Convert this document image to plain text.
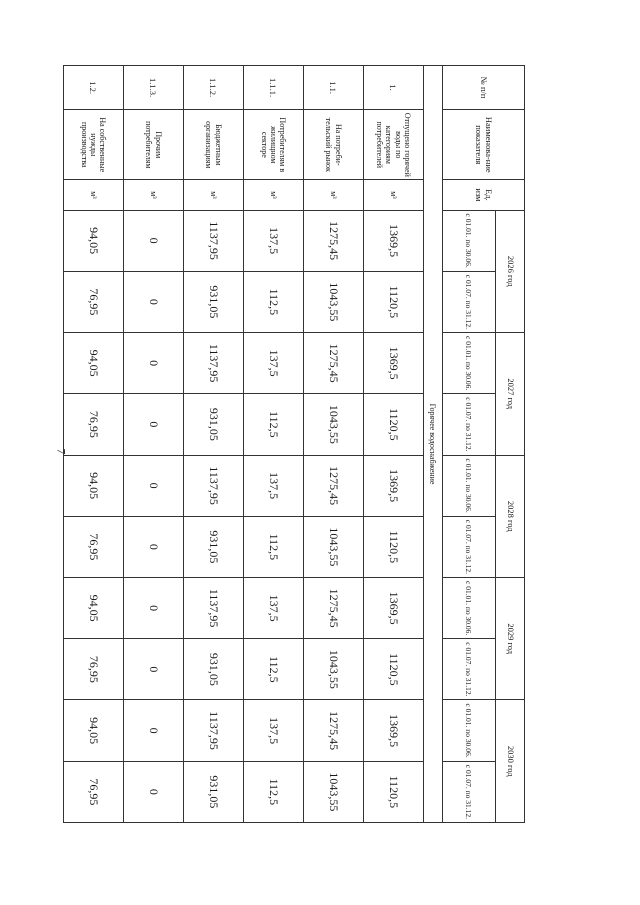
7
№ п/п	Наименова-ние показателя	Ед. изм	2026 год		2027 год		2028 год		2029 год		2030 год	
			с 01.01. по 30.06.	с 01.07. по 31.12.	с 01.01. по 30.06.	с 01.07. по 31.12.	с 01.01. по 30.06.	с 01.07. по 31.12.	с 01.01. по 30.06.	с 01.07. по 31.12.	с 01.01. по 30.06.	с 01.07. по 31.12.
Горячее водоснабжение												
1.	Отпущено горячей воды по категориям потребителей	м³	1369,5	1120,5	1369,5	1120,5	1369,5	1120,5	1369,5	1120,5	1369,5	1120,5
1.1.	На потреби-тельский рынок	м³	1275,45	1043,55	1275,45	1043,55	1275,45	1043,55	1275,45	1043,55	1275,45	1043,55
1.1.1.	Потребителям в жилищном секторе	м³	137,5	112,5	137,5	112,5	137,5	112,5	137,5	112,5	137,5	112,5
1.1.2.	Бюджетным организациям	м³	1137,95	931,05	1137,95	931,05	1137,95	931,05	1137,95	931,05	1137,95	931,05
1.1.3.	Прочим потребителям	м³	0	0	0	0	0	0	0	0	0	0
1.2.	На собственные нужды производства	м³	94,05	76,95	94,05	76,95	94,05	76,95	94,05	76,95	94,05	76,95
